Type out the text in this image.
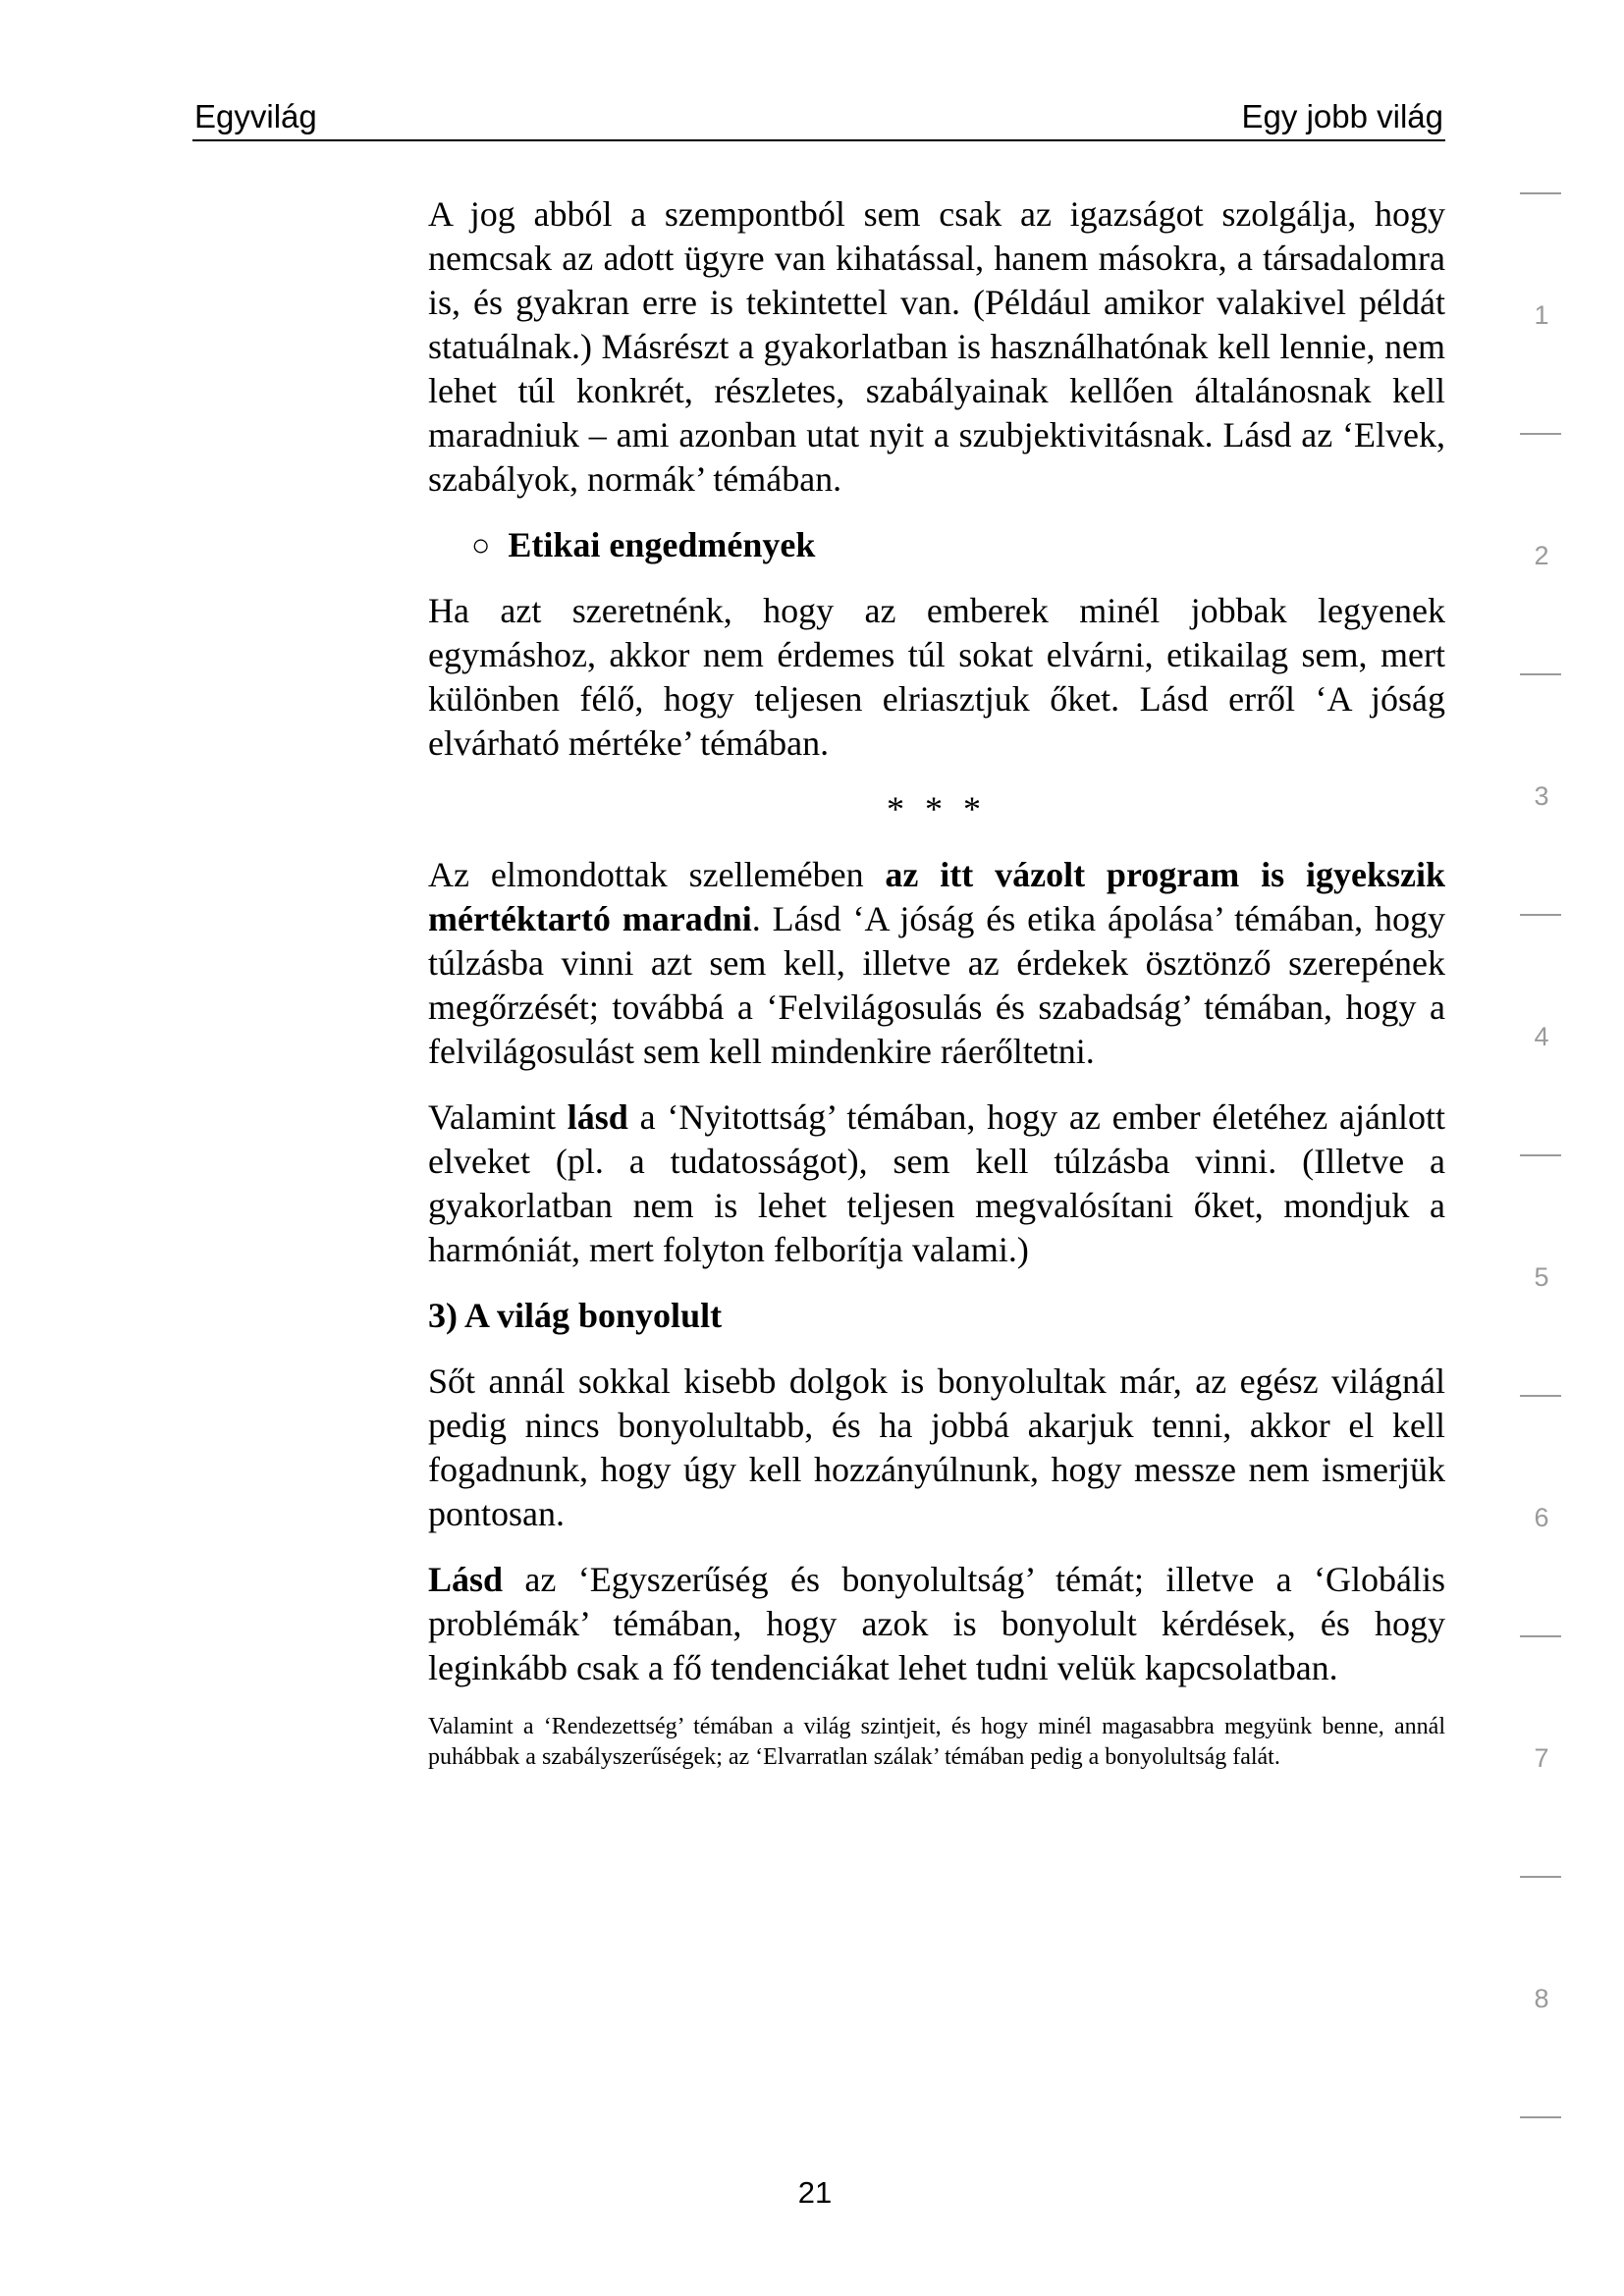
Egyvilág	Egy jobb világ

A jog abból a szempontból sem csak az igazságot szolgálja, hogy nemcsak az adott ügyre van kihatással, hanem másokra, a társadalomra is, és gyakran erre is tekintettel van. (Például amikor valakivel példát statuálnak.) Másrészt a gyakorlatban is használhatónak kell lennie, nem lehet túl konkrét, részletes, szabályainak kellően általánosnak kell maradniuk – ami azonban utat nyit a szubjektivitásnak. Lásd az ‘Elvek, szabályok, normák’ témában.

○ Etikai engedmények

Ha azt szeretnénk, hogy az emberek minél jobbak legyenek egymáshoz, akkor nem érdemes túl sokat elvárni, etikailag sem, mert különben félő, hogy teljesen elriasztjuk őket. Lásd erről ‘A jóság elvárható mértéke’ témában.

* * *

Az elmondottak szellemében az itt vázolt program is igyekszik mértéktartó maradni. Lásd ‘A jóság és etika ápolása’ témában, hogy túlzásba vinni azt sem kell, illetve az érdekek ösztönző szerepének megőrzését; továbbá a ‘Felvilágosulás és szabadság’ témában, hogy a felvilágosulást sem kell mindenkire ráerőltetni.

Valamint lásd a ‘Nyitottság’ témában, hogy az ember életéhez ajánlott elveket (pl. a tudatosságot), sem kell túlzásba vinni. (Illetve a gyakorlatban nem is lehet teljesen megvalósítani őket, mondjuk a harmóniát, mert folyton felborítja valami.)

3) A világ bonyolult

Sőt annál sokkal kisebb dolgok is bonyolultak már, az egész világnál pedig nincs bonyolultabb, és ha jobbá akarjuk tenni, akkor el kell fogadnunk, hogy úgy kell hozzányúlnunk, hogy messze nem ismerjük pontosan.

Lásd az ‘Egyszerűség és bonyolultság’ témát; illetve a ‘Globális problémák’ témában, hogy azok is bonyolult kérdések, és hogy leginkább csak a fő tendenciákat lehet tudni velük kapcsolatban.

Valamint a ‘Rendezettség’ témában a világ szintjeit, és hogy minél magasabbra megyünk benne, annál puhábbak a szabályszerűségek; az ‘Elvarratlan szálak’ témában pedig a bonyolultság falát.

21
1
2
3
4
5
6
7
8
